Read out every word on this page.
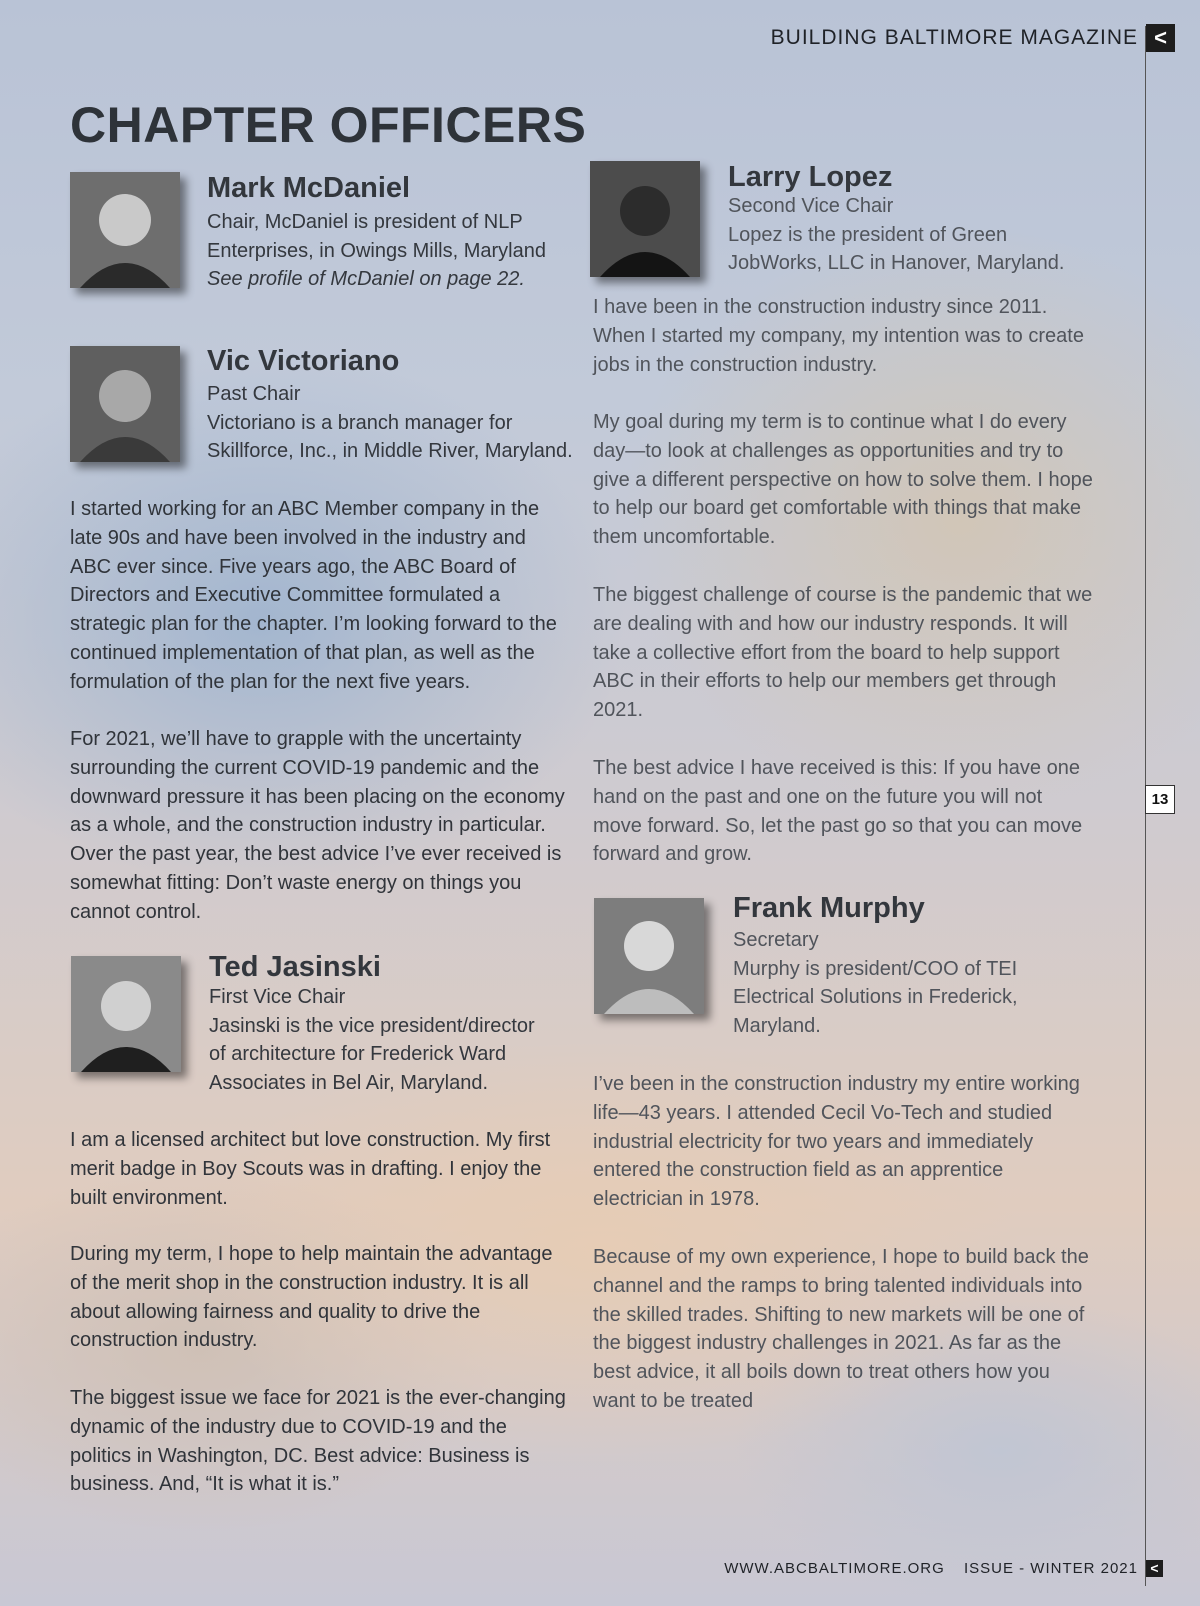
BUILDING BALTIMORE MAGAZINE <
CHAPTER OFFICERS
Mark McDaniel

Chair, McDaniel is president of NLP
Enterprises, in Owings Mills, Maryland
See profile of McDaniel on page 22.

Vic Victoriano

Past Chair
Victoriano is a branch manager for
Skillforce, Inc., in Middle River, Maryland.

I started working for an ABC Member company in the late 90s and have been involved in the industry and ABC ever since. Five years ago, the ABC Board of Directors and Executive Committee formulated a strategic plan for the chapter. I’m looking forward to the continued implementation of that plan, as well as the formulation of the plan for the next five years.

For 2021, we’ll have to grapple with the uncertainty surrounding the current COVID-19 pandemic and the downward pressure it has been placing on the economy as a whole, and the construction industry in particular. Over the past year, the best advice I’ve ever received is somewhat fitting: Don’t waste energy on things you cannot control.

Ted Jasinski

First Vice Chair
Jasinski is the vice president/director
of architecture for Frederick Ward
Associates in Bel Air, Maryland.

I am a licensed architect but love construction. My first merit badge in Boy Scouts was in drafting. I enjoy the built environment.

During my term, I hope to help maintain the advantage of the merit shop in the construction industry. It is all about allowing fairness and quality to drive the construction industry.

The biggest issue we face for 2021 is the ever-changing dynamic of the industry due to COVID-19 and the politics in Washington, DC. Best advice: Business is business. And, “It is what it is.”

Larry Lopez

Second Vice Chair
Lopez is the president of Green
JobWorks, LLC in Hanover, Maryland.

I have been in the construction industry since 2011. When I started my company, my intention was to create jobs in the construction industry.

My goal during my term is to continue what I do every day—to look at challenges as opportunities and try to give a different perspective on how to solve them. I hope to help our board get comfortable with things that make them uncomfortable.

The biggest challenge of course is the pandemic that we are dealing with and how our industry responds. It will take a collective effort from the board to help support ABC in their efforts to help our members get through 2021.

The best advice I have received is this: If you have one hand on the past and one on the future you will not move forward. So, let the past go so that you can move forward and grow.

Frank Murphy

Secretary
Murphy is president/COO of TEI
Electrical Solutions in Frederick,
Maryland.

I’ve been in the construction industry my entire working life—43 years. I attended Cecil Vo-Tech and studied industrial electricity for two years and immediately entered the construction field as an apprentice electrician in 1978.

Because of my own experience, I hope to build back the channel and the ramps to bring talented individuals into the skilled trades. Shifting to new markets will be one of the biggest industry challenges in 2021. As far as the best advice, it all boils down to treat others how you want to be treated

13
WWW.ABCBALTIMORE.ORG ISSUE - WINTER 2021 <
